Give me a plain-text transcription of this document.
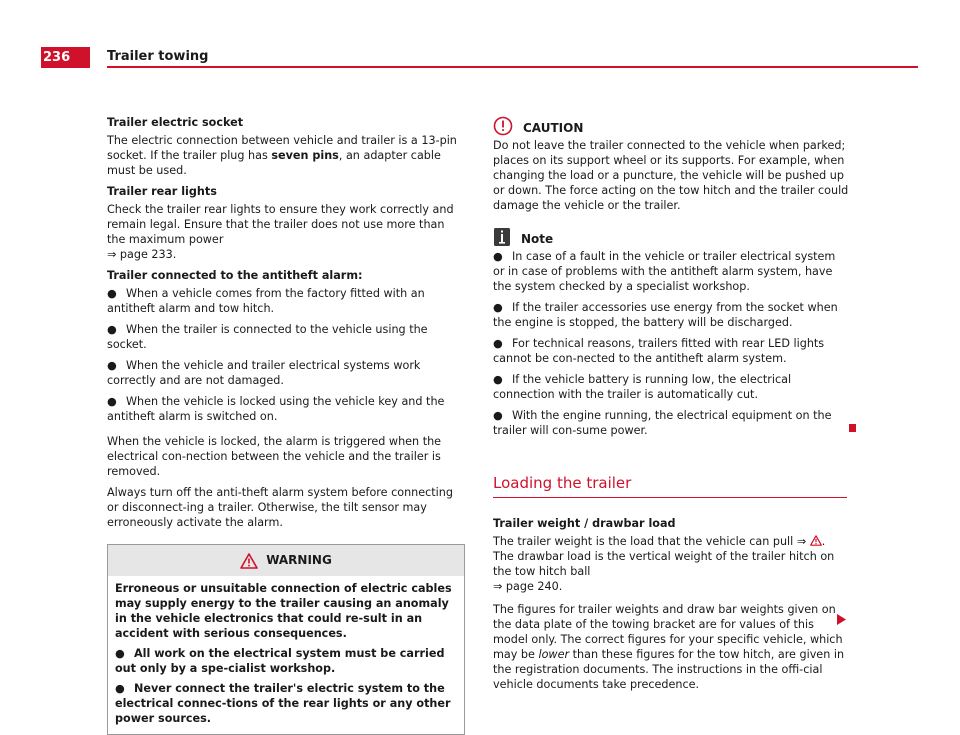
236	Trailer towing
Trailer electric socket

The electric connection between vehicle and trailer is a 13-pin socket. If the trailer plug has seven pins, an adapter cable must be used.

Trailer rear lights

Check the trailer rear lights to ensure they work correctly and remain legal. Ensure that the trailer does not use more than the maximum power
⇒ page 233.

Trailer connected to the antitheft alarm:
● When a vehicle comes from the factory fitted with an antitheft alarm and tow hitch.
● When the trailer is connected to the vehicle using the socket.
● When the vehicle and trailer electrical systems work correctly and are not damaged.
● When the vehicle is locked using the vehicle key and the antitheft alarm is switched on.

When the vehicle is locked, the alarm is triggered when the electrical con-nection between the vehicle and the trailer is removed.

Always turn off the anti-theft alarm system before connecting or disconnect-ing a trailer. Otherwise, the tilt sensor may erroneously activate the alarm.

WARNING

Erroneous or unsuitable connection of electric cables may supply energy to the trailer causing an anomaly in the vehicle electronics that could re-sult in an accident with serious consequences.

● All work on the electrical system must be carried out only by a spe-cialist workshop.

● Never connect the trailer's electric system to the electrical connec-tions of the rear lights or any other power sources.

CAUTION

Do not leave the trailer connected to the vehicle when parked; places on its support wheel or its supports. For example, when changing the load or a puncture, the vehicle will be pushed up or down. The force acting on the tow hitch and the trailer could damage the vehicle or the trailer.

Note
● In case of a fault in the vehicle or trailer electrical system or in case of problems with the antitheft alarm system, have the system checked by a specialist workshop.
● If the trailer accessories use energy from the socket when the engine is stopped, the battery will be discharged.
● For technical reasons, trailers fitted with rear LED lights cannot be con-nected to the antitheft alarm system.
● If the vehicle battery is running low, the electrical connection with the trailer is automatically cut.
● With the engine running, the electrical equipment on the trailer will con-sume power.
Loading the trailer
Trailer weight / drawbar load

The trailer weight is the load that the vehicle can pull ⇒ . The drawbar load is the vertical weight of the trailer hitch on the tow hitch ball
⇒ page 240.

The figures for trailer weights and draw bar weights given on the data plate of the towing bracket are for values of this model only. The correct figures for your specific vehicle, which may be lower than these figures for the tow hitch, are given in the registration documents. The instructions in the offi-cial vehicle documents take precedence.
